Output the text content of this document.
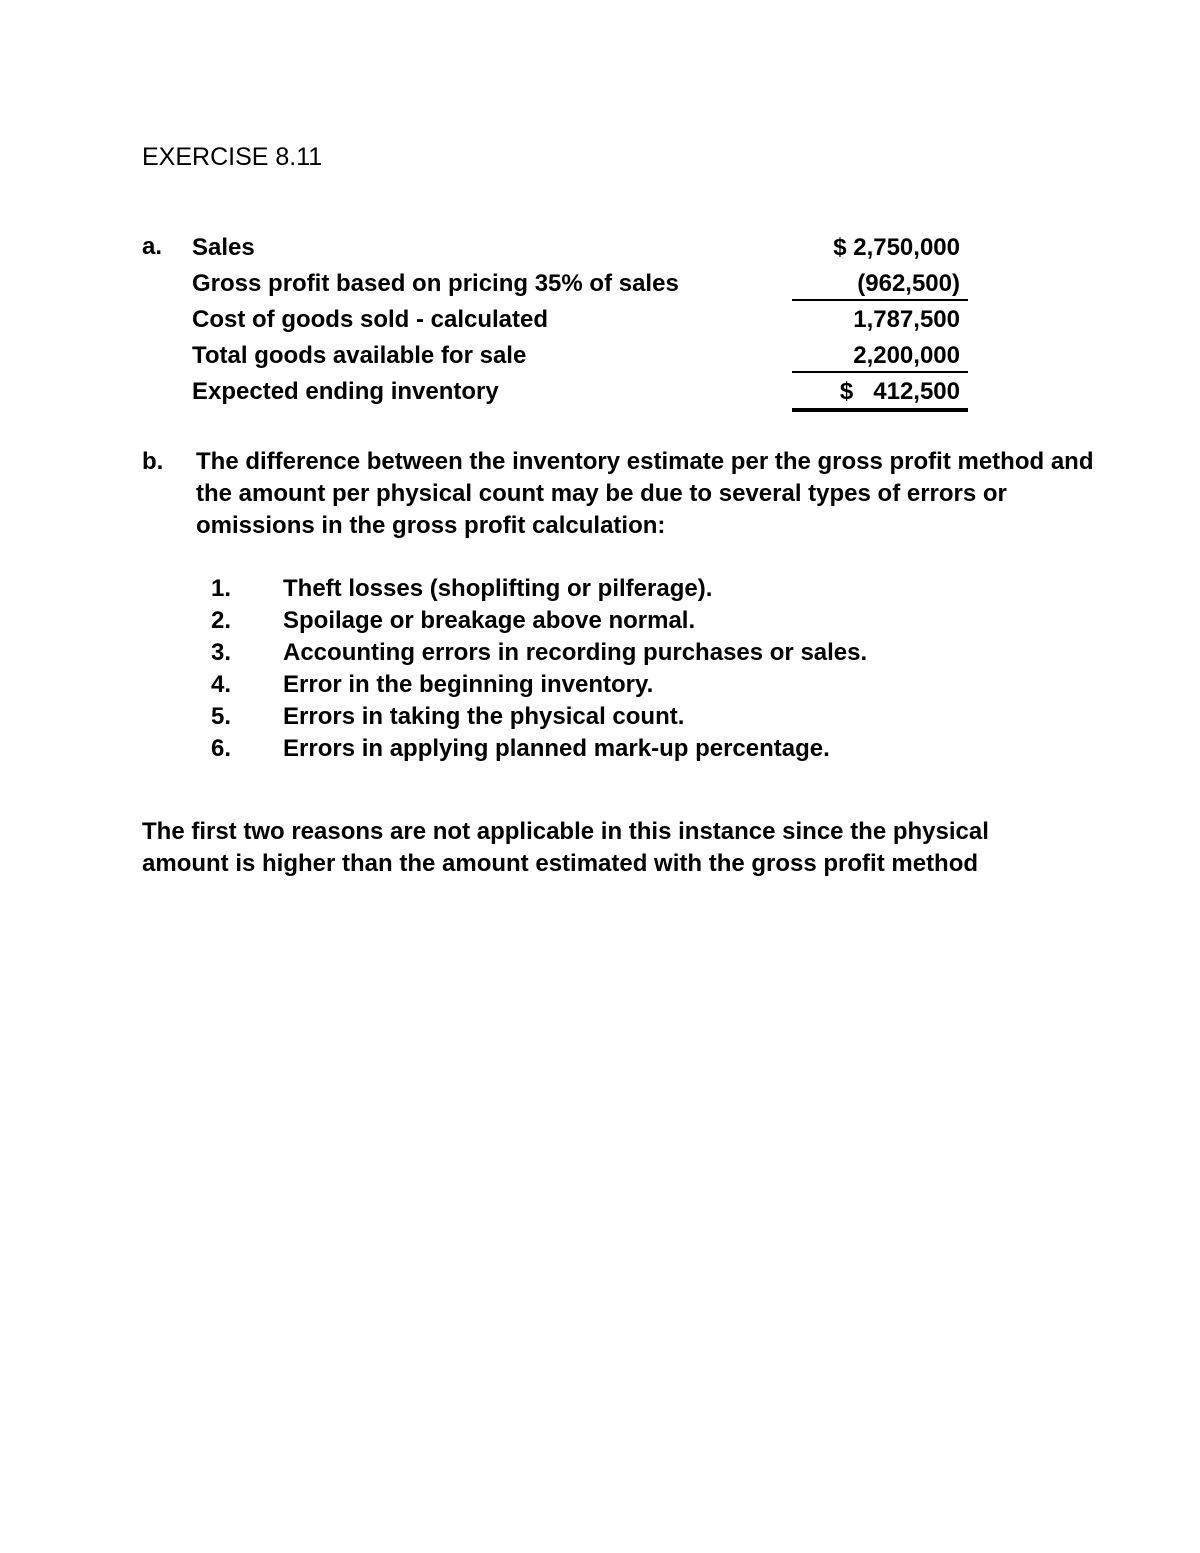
EXERCISE 8.11
a. Sales	$ 2,750,000
Gross profit based on pricing 35% of sales	(962,500)
Cost of goods sold - calculated	1,787,500
Total goods available for sale	2,200,000
Expected ending inventory	$   412,500
b. The difference between the inventory estimate per the gross profit method and the amount per physical count may be due to several types of errors or omissions in the gross profit calculation:

1. Theft losses (shoplifting or pilferage).
2. Spoilage or breakage above normal.
3. Accounting errors in recording purchases or sales.
4. Error in the beginning inventory.
5. Errors in taking the physical count.
6. Errors in applying planned mark-up percentage.

The first two reasons are not applicable in this instance since the physical amount is higher than the amount estimated with the gross profit method
